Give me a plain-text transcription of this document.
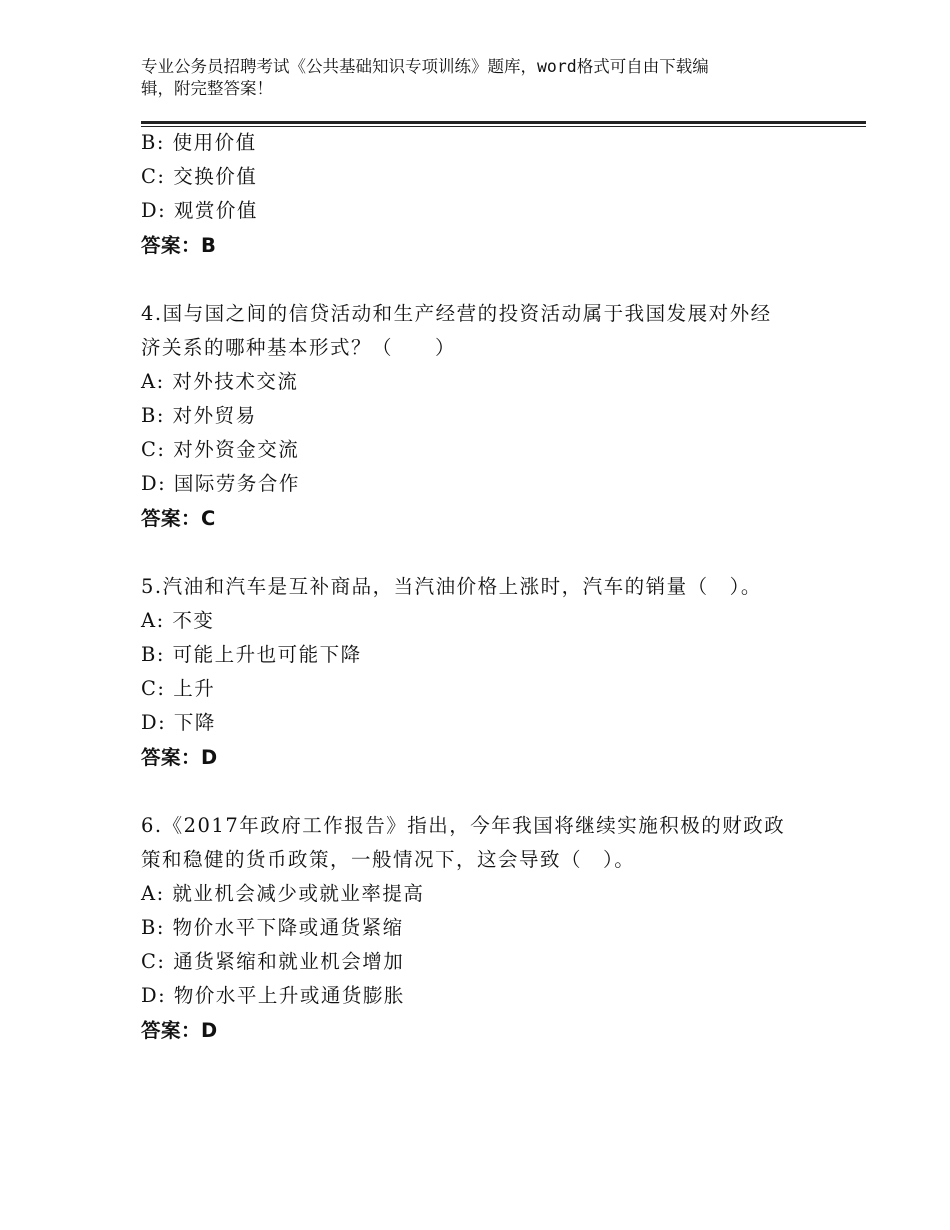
专业公务员招聘考试《公共基础知识专项训练》题库，word格式可自由下载编
辑，附完整答案！
B: 使用价值
C: 交换价值
D: 观赏价值
答案：B
4.国与国之间的信贷活动和生产经营的投资活动属于我国发展对外经
济关系的哪种基本形式？（　　）
A: 对外技术交流
B: 对外贸易
C: 对外资金交流
D: 国际劳务合作
答案：C
5.汽油和汽车是互补商品，当汽油价格上涨时，汽车的销量（　）。
A: 不变
B: 可能上升也可能下降
C: 上升
D: 下降
答案：D
6.《2017年政府工作报告》指出，今年我国将继续实施积极的财政政
策和稳健的货币政策，一般情况下，这会导致（　）。
A: 就业机会减少或就业率提高
B: 物价水平下降或通货紧缩
C: 通货紧缩和就业机会增加
D: 物价水平上升或通货膨胀
答案：D
